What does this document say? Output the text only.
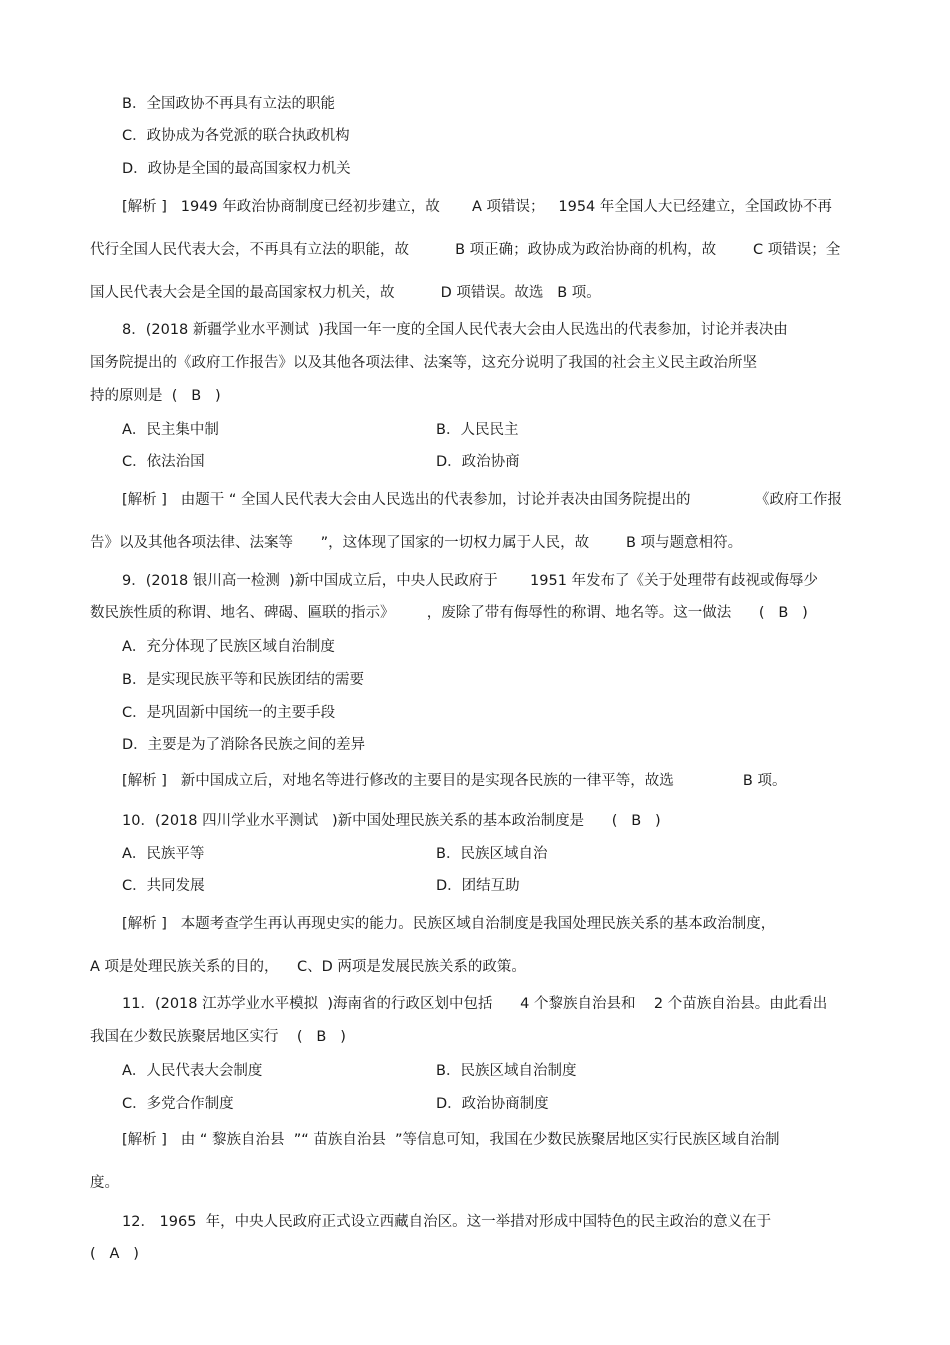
B．全国政协不再具有立法的职能
C．政协成为各党派的联合执政机构
D．政协是全国的最高国家权力机关
[解析 ]   1949 年政治协商制度已经初步建立，故       A 项错误；   1954 年全国人大已经建立，全国政协不再
代行全国人民代表大会，不再具有立法的职能，故          B 项正确；政协成为政治协商的机构，故        C 项错误；全
国人民代表大会是全国的最高国家权力机关，故          D 项错误。故选   B 项。
8．(2018 新疆学业水平测试  )我国一年一度的全国人民代表大会由人民选出的代表参加，讨论并表决由
国务院提出的《政府工作报告》以及其他各项法律、法案等，这充分说明了我国的社会主义民主政治所坚
持的原则是  (   B   )
A．民主集中制	B．人民民主
C．依法治国	D．政治协商
[解析 ]   由题干 “ 全国人民代表大会由人民选出的代表参加，讨论并表决由国务院提出的              《政府工作报
告》以及其他各项法律、法案等      ”，这体现了国家的一切权力属于人民，故        B 项与题意相符。
9．(2018 银川高一检测  )新中国成立后，中央人民政府于       1951 年发布了《关于处理带有歧视或侮辱少
数民族性质的称谓、地名、碑碣、匾联的指示》       ，废除了带有侮辱性的称谓、地名等。这一做法      (   B   )
A．充分体现了民族区域自治制度
B．是实现民族平等和民族团结的需要
C．是巩固新中国统一的主要手段
D．主要是为了消除各民族之间的差异
[解析 ]   新中国成立后，对地名等进行修改的主要目的是实现各民族的一律平等，故选               B 项。
10．(2018 四川学业水平测试   )新中国处理民族关系的基本政治制度是      (   B   )
A．民族平等	B．民族区域自治
C．共同发展	D．团结互助
[解析 ]   本题考查学生再认再现史实的能力。民族区域自治制度是我国处理民族关系的基本政治制度，
A 项是处理民族关系的目的，    C、D 两项是发展民族关系的政策。
11．(2018 江苏学业水平模拟  )海南省的行政区划中包括      4 个黎族自治县和    2 个苗族自治县。由此看出
我国在少数民族聚居地区实行    (   B   )
A．人民代表大会制度	B．民族区域自治制度
C．多党合作制度	D．政治协商制度
[解析 ]   由 “ 黎族自治县  ”“ 苗族自治县  ”等信息可知，我国在少数民族聚居地区实行民族区域自治制
度。
12． 1965  年，中央人民政府正式设立西藏自治区。这一举措对形成中国特色的民主政治的意义在于
(   A   )
